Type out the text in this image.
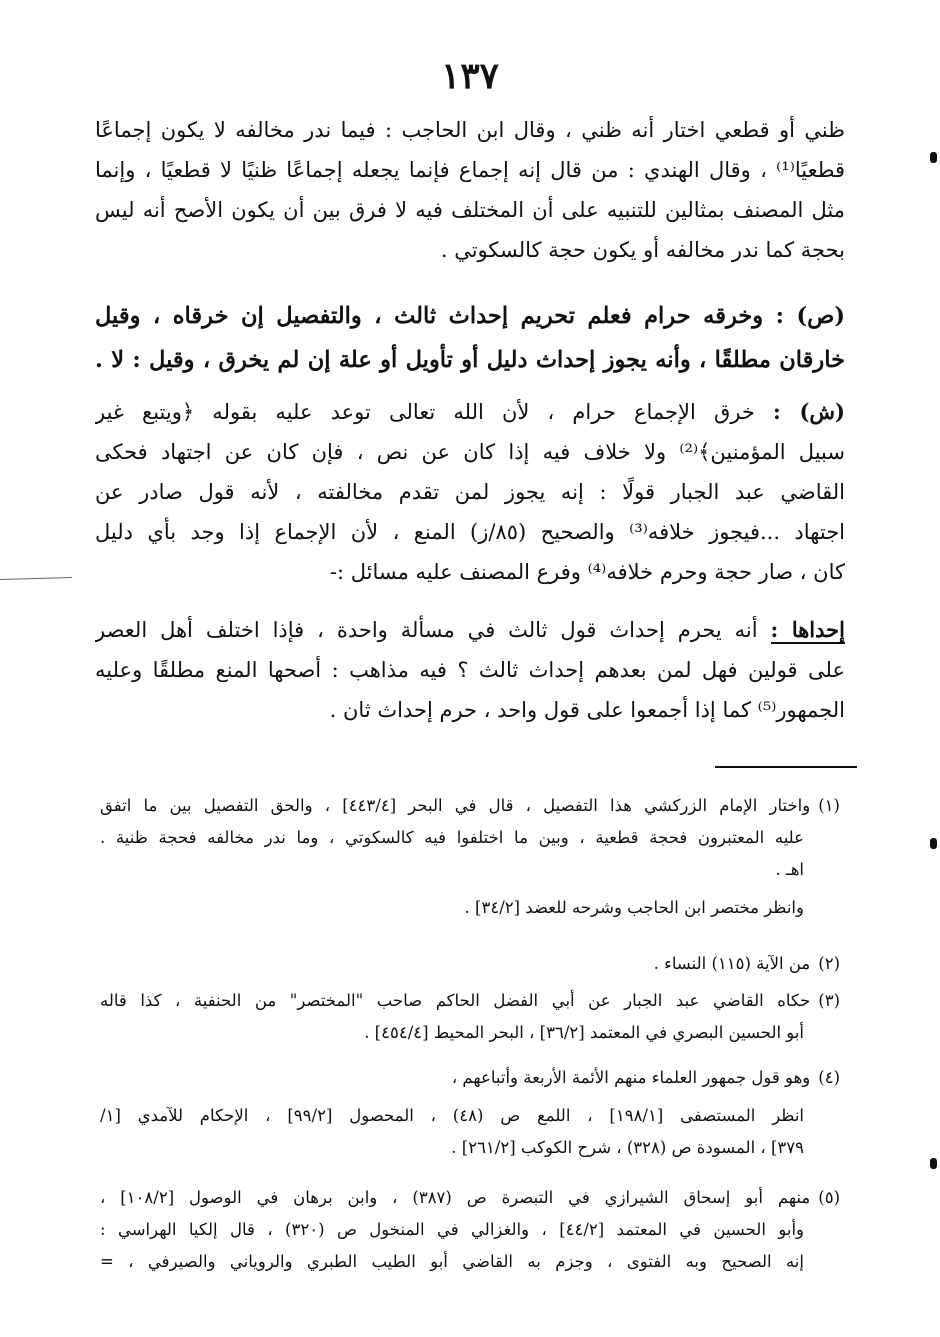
١٣٧
ظني أو قطعي اختار أنه ظني ، وقال ابن الحاجب : فيما ندر مخالفه لا يكون إجماعًا
قطعيًا⁽¹⁾ ، وقال الهندي : من قال إنه إجماع فإنما يجعله إجماعًا ظنيًا لا قطعيًا ، وإنما
مثل المصنف بمثالين للتنبيه على أن المختلف فيه لا فرق بين أن يكون الأصح أنه ليس
بحجة كما ندر مخالفه أو يكون حجة كالسكوتي .
(ص) : وخرقه حرام فعلم تحريم إحداث ثالث ، والتفصيل إن خرقاه ، وقيل
خارقان مطلقًا ، وأنه يجوز إحداث دليل أو تأويل أو علة إن لم يخرق ، وقيل : لا .
(ش) : خرق الإجماع حرام ، لأن الله تعالى توعد عليه بقوله ﴿ويتبع غير
سبيل المؤمنين﴾⁽²⁾ ولا خلاف فيه إذا كان عن نص ، فإن كان عن اجتهاد فحكى
القاضي عبد الجبار قولًا : إنه يجوز لمن تقدم مخالفته ، لأنه قول صادر عن
اجتهاد ...فيجوز خلافه⁽³⁾ والصحيح (٨٥/ز) المنع ، لأن الإجماع إذا وجد بأي دليل
كان ، صار حجة وحرم خلافه⁽⁴⁾ وفرع المصنف عليه مسائل :-
إحداها : أنه يحرم إحداث قول ثالث في مسألة واحدة ، فإذا اختلف أهل العصر
على قولين فهل لمن بعدهم إحداث ثالث ؟ فيه مذاهب : أصحها المنع مطلقًا وعليه
الجمهور⁽⁵⁾ كما إذا أجمعوا على قول واحد ، حرم إحداث ثان .
(١)واختار الإمام الزركشي هذا التفصيل ، قال في البحر [٤٤٣/٤] ، والحق التفصيل بين ما اتفق
عليه المعتبرون فحجة قطعية ، وبين ما اختلفوا فيه كالسكوتي ، وما ندر مخالفه فحجة ظنية .
اهـ .
وانظر مختصر ابن الحاجب وشرحه للعضد [٣٤/٢] .
(٢)من الآية (١١٥) النساء .
(٣)حكاه القاضي عبد الجبار عن أبي الفضل الحاكم صاحب "المختصر" من الحنفية ، كذا قاله
أبو الحسين البصري في المعتمد [٣٦/٢] ، البحر المحيط [٤٥٤/٤] .
(٤)وهو قول جمهور العلماء منهم الأئمة الأربعة وأتباعهم ،
انظر المستصفى [١٩٨/١] ، اللمع ص (٤٨) ، المحصول [٩٩/٢] ، الإحكام للآمدي [١/
٣٧٩] ، المسودة ص (٣٢٨) ، شرح الكوكب [٢٦١/٢] .
(٥)منهم أبو إسحاق الشيرازي في التبصرة ص (٣٨٧) ، وابن برهان في الوصول [١٠٨/٢] ،
وأبو الحسين في المعتمد [٤٤/٢] ، والغزالي في المنخول ص (٣٢٠) ، قال إلكيا الهراسي :
إنه الصحيح وبه الفتوى ، وجزم به القاضي أبو الطيب الطبري والروياني والصيرفي ، =
